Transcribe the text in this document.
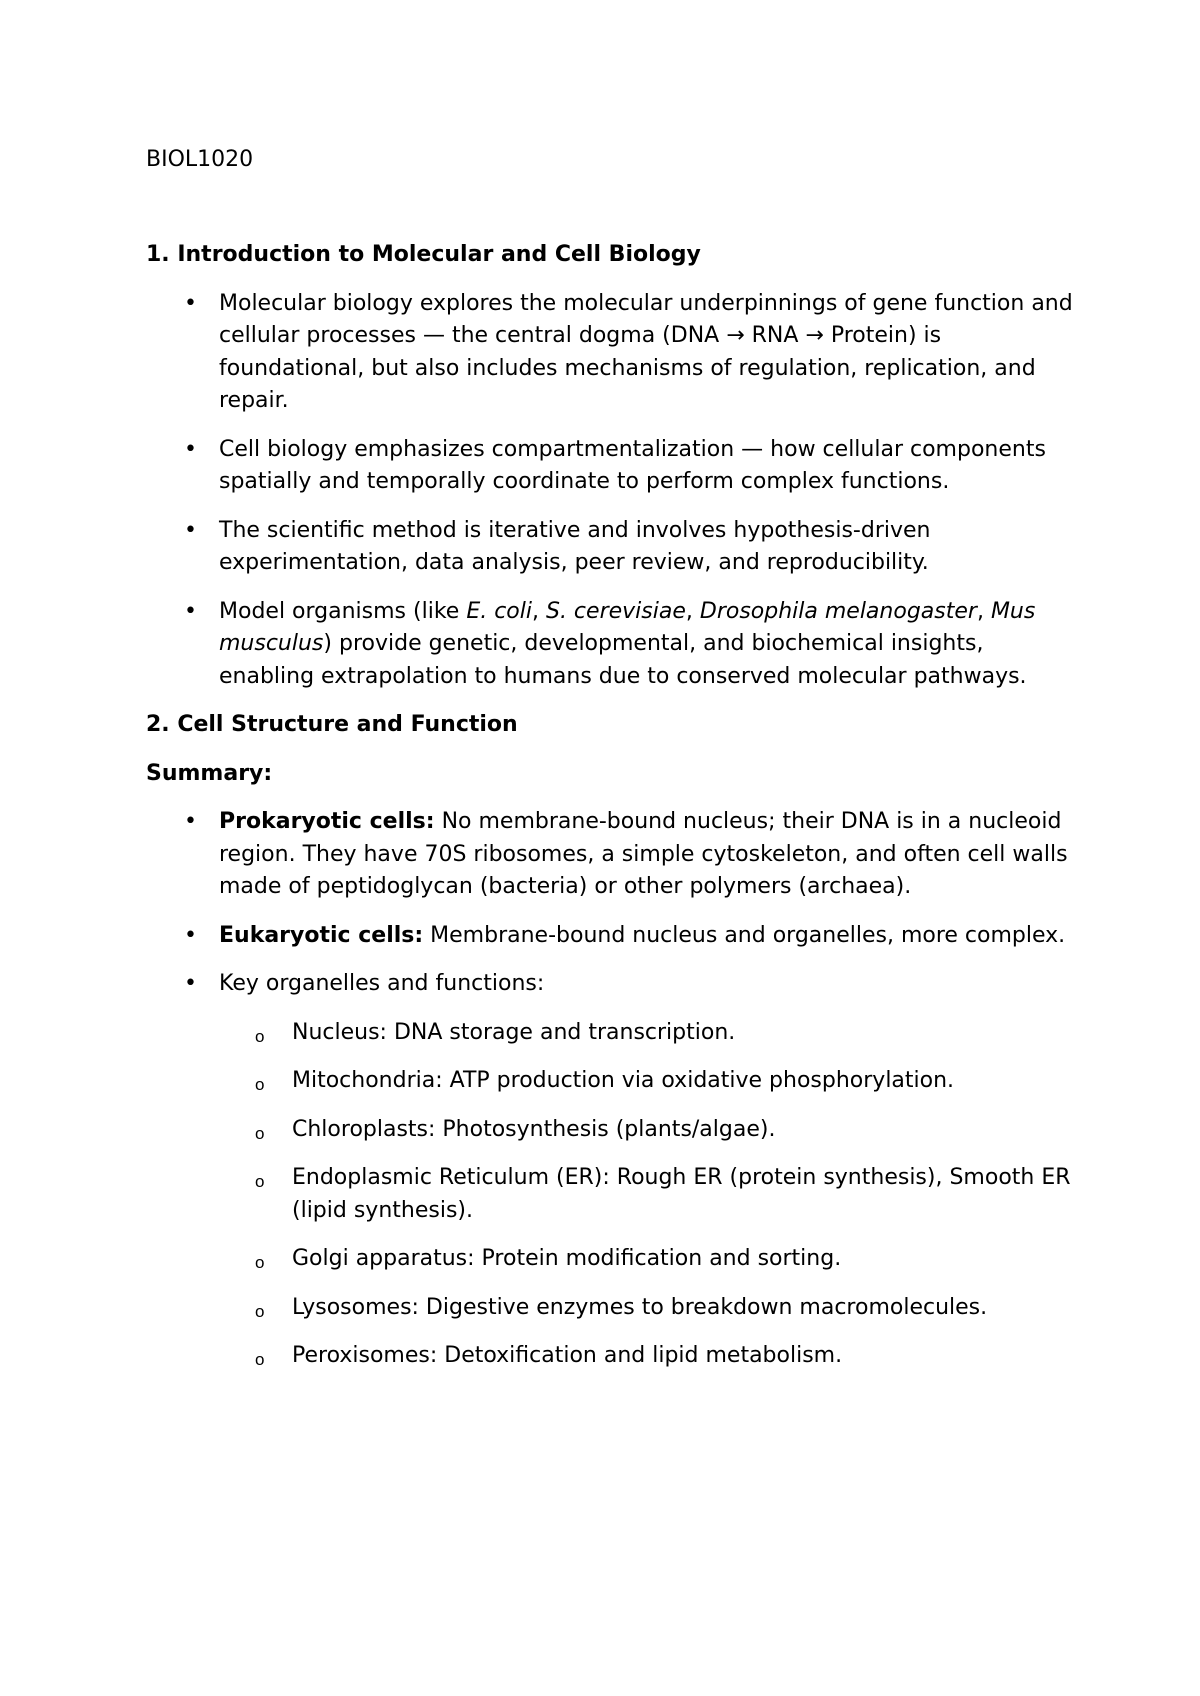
BIOL1020

1. Introduction to Molecular and Cell Biology

• Molecular biology explores the molecular underpinnings of gene function and cellular processes — the central dogma (DNA → RNA → Protein) is foundational, but also includes mechanisms of regulation, replication, and repair.
• Cell biology emphasizes compartmentalization — how cellular components spatially and temporally coordinate to perform complex functions.
• The scientific method is iterative and involves hypothesis-driven experimentation, data analysis, peer review, and reproducibility.
• Model organisms (like E. coli, S. cerevisiae, Drosophila melanogaster, Mus musculus) provide genetic, developmental, and biochemical insights, enabling extrapolation to humans due to conserved molecular pathways.

2. Cell Structure and Function

Summary:

• Prokaryotic cells: No membrane-bound nucleus; their DNA is in a nucleoid region. They have 70S ribosomes, a simple cytoskeleton, and often cell walls made of peptidoglycan (bacteria) or other polymers (archaea).
• Eukaryotic cells: Membrane-bound nucleus and organelles, more complex.
• Key organelles and functions:
o Nucleus: DNA storage and transcription.
o Mitochondria: ATP production via oxidative phosphorylation.
o Chloroplasts: Photosynthesis (plants/algae).
o Endoplasmic Reticulum (ER): Rough ER (protein synthesis), Smooth ER (lipid synthesis).
o Golgi apparatus: Protein modification and sorting.
o Lysosomes: Digestive enzymes to breakdown macromolecules.
o Peroxisomes: Detoxification and lipid metabolism.
